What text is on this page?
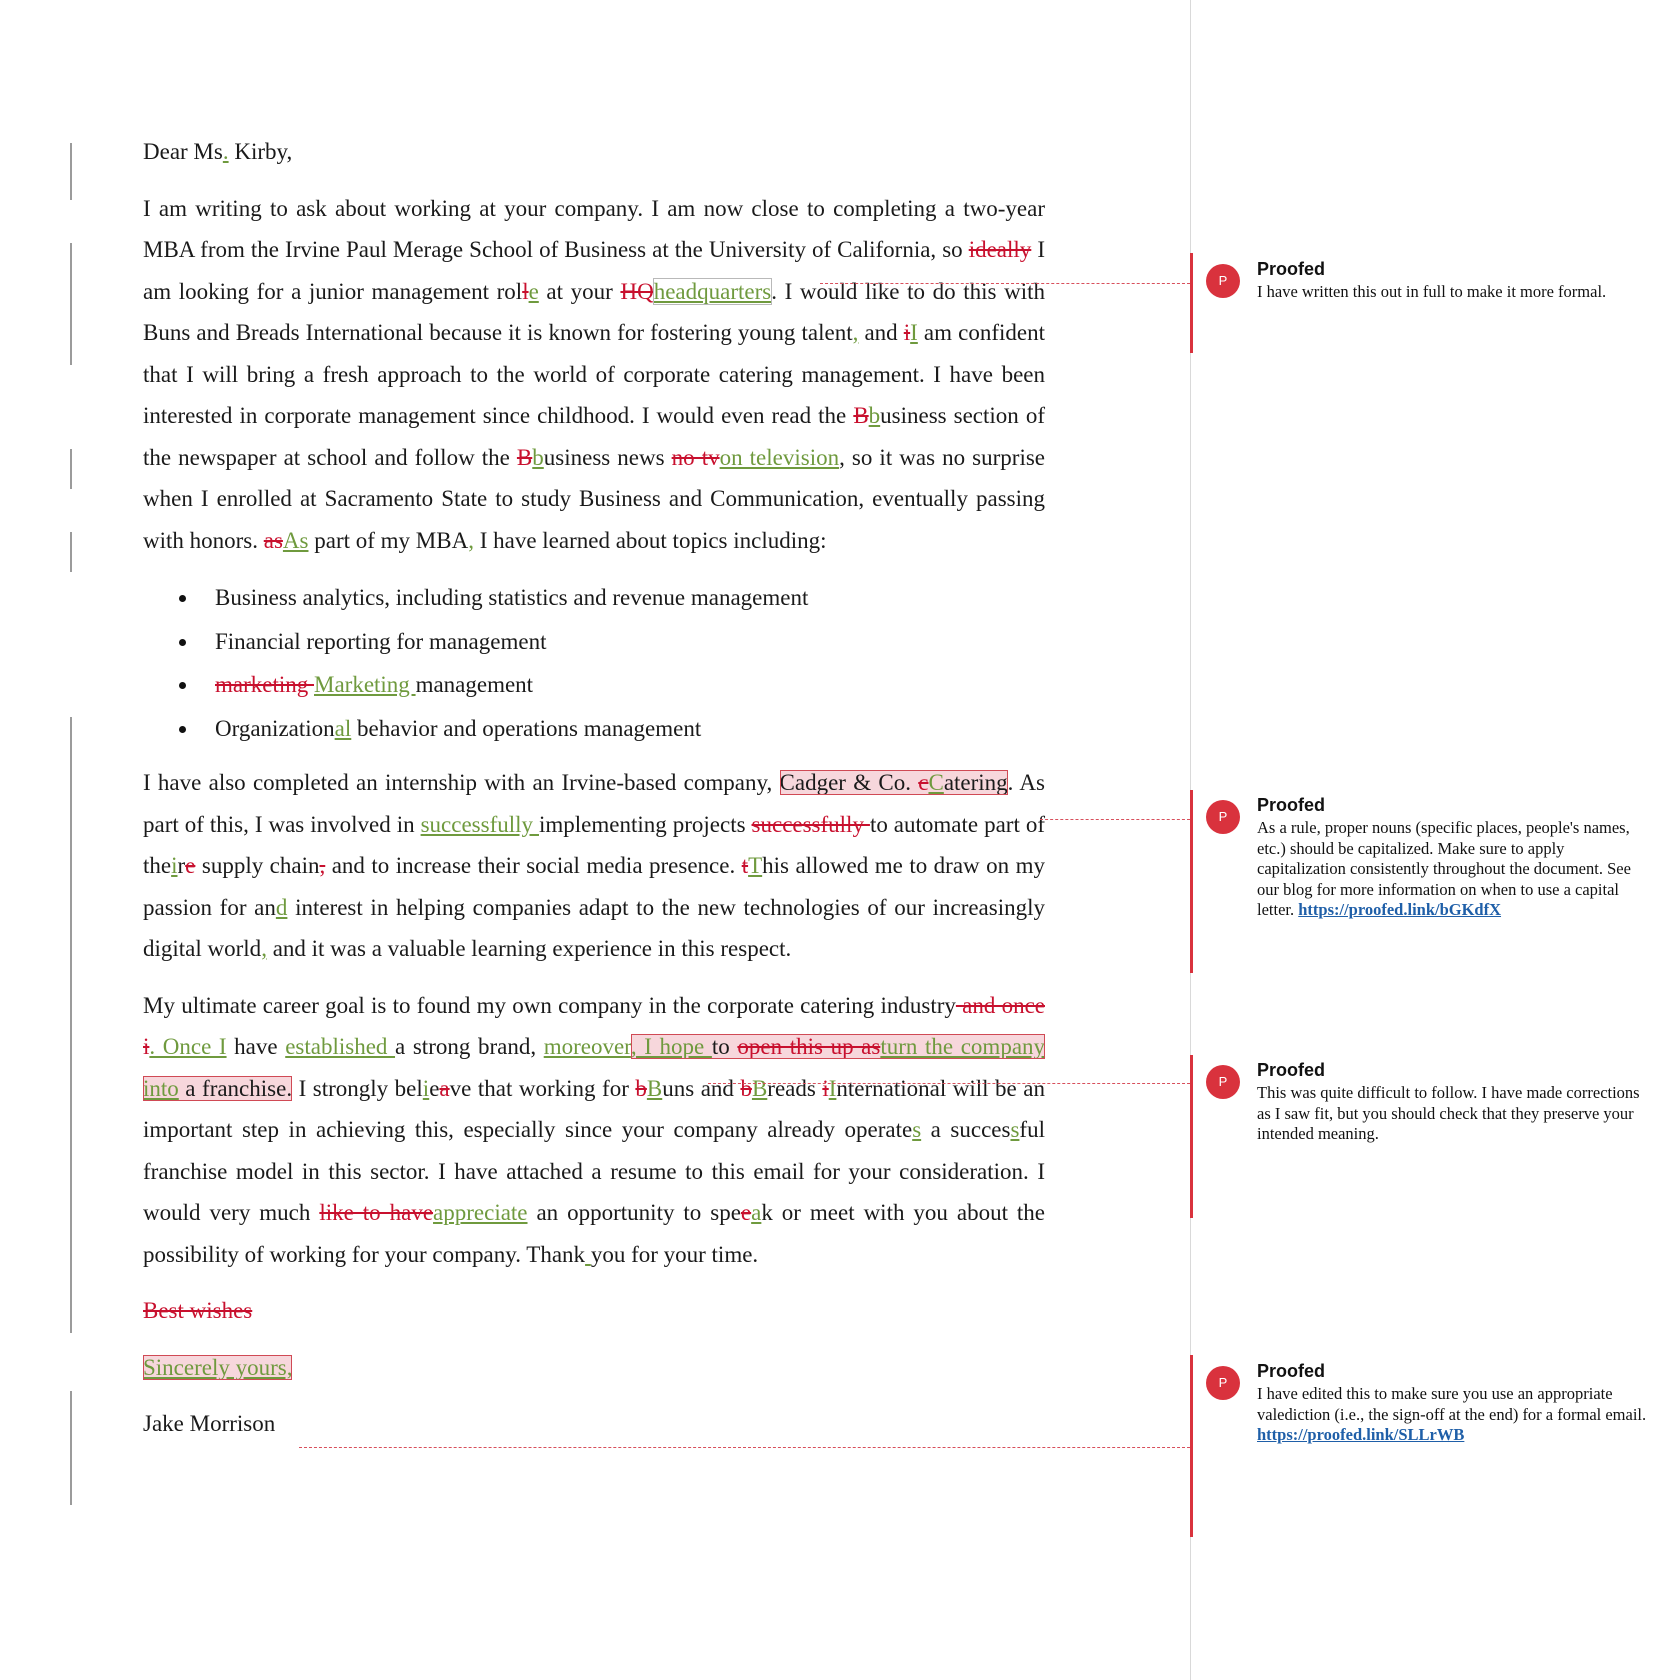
Dear Ms. Kirby,

I am writing to ask about working at your company. I am now close to completing a two-year MBA from the Irvine Paul Merage School of Business at the University of California, so ideally I am looking for a junior management rolle at your HQheadquarters. I would like to do this with Buns and Breads International because it is known for fostering young talent, and iI am confident that I will bring a fresh approach to the world of corporate catering management. I have been interested in corporate management since childhood. I would even read the Bbusiness section of the newspaper at school and follow the Bbusiness news no tvon television, so it was no surprise when I enrolled at Sacramento State to study Business and Communication, eventually passing with honors. asAs part of my MBA, I have learned about topics including:

Business analytics, including statistics and revenue management
Financial reporting for management
marketing Marketing management
Organizational behavior and operations management

I have also completed an internship with an Irvine-based company, Cadger & Co. cCatering. As part of this, I was involved in successfully implementing projects successfully to automate part of theire supply chain, and to increase their social media presence. tThis allowed me to draw on my passion for and interest in helping companies adapt to the new technologies of our increasingly digital world, and it was a valuable learning experience in this respect.

My ultimate career goal is to found my own company in the corporate catering industry and once i. Once I have established a strong brand, moreover, I hope to open this up asturn the company into a franchise. I strongly belieave that working for bBuns and bBreads iInternational will be an important step in achieving this, especially since your company already operates a successful franchise model in this sector. I have attached a resume to this email for your consideration. I would very much like to haveappreciate an opportunity to speeak or meet with you about the possibility of working for your company. Thank you for your time.

Best wishes

Sincerely yours,

Jake Morrison

P
Proofed
I have written this out in full to make it more formal.
P
Proofed
As a rule, proper nouns (specific places, people's names, etc.) should be capitalized. Make sure to apply capitalization consistently throughout the document. See our blog for more information on when to use a capital letter. https://proofed.link/bGKdfX
P
Proofed
This was quite difficult to follow. I have made corrections as I saw fit, but you should check that they preserve your intended meaning.
P
Proofed
I have edited this to make sure you use an appropriate valediction (i.e., the sign-off at the end) for a formal email.
https://proofed.link/SLLrWB
